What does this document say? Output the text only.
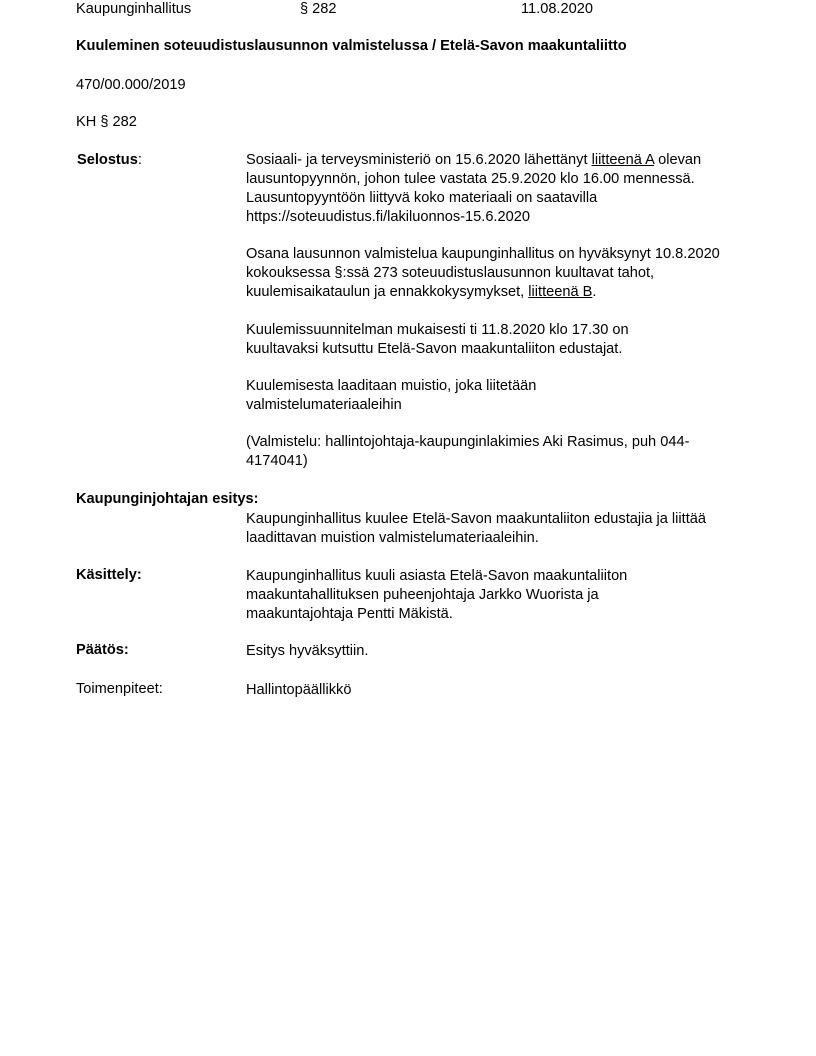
Kaupunginhallitus	§ 282	11.08.2020
Kuuleminen soteuudistuslausunnon valmistelussa / Etelä-Savon maakuntaliitto
470/00.000/2019
KH § 282
Selostus:	Sosiaali- ja terveysministeriö on 15.6.2020 lähettänyt liitteenä A olevan lausuntopyynnön, johon tulee vastata 25.9.2020 klo 16.00 mennessä. Lausuntopyyntöön liittyvä koko materiaali on saatavilla https://soteuudistus.fi/lakiluonnos-15.6.2020

Osana lausunnon valmistelua kaupunginhallitus on hyväksynyt 10.8.2020 kokouksessa §:ssä 273 soteuudistuslausunnon kuultavat tahot, kuulemisaikataulun ja ennakkokysymykset, liitteenä B.

Kuulemissuunnitelman mukaisesti ti 11.8.2020 klo 17.30 on kuultavaksi kutsuttu Etelä-Savon maakuntaliiton edustajat.

Kuulemisesta laaditaan muistio, joka liitetään valmistelumateriaaleihin

(Valmistelu: hallintojohtaja-kaupunginlakimies Aki Rasimus, puh 044-4174041)

Kaupunginjohtajan esitys:

Kaupunginhallitus kuulee Etelä-Savon maakuntaliiton edustajia ja liittää laadittavan muistion valmistelumateriaaleihin.

Käsittely:	Kaupunginhallitus kuuli asiasta Etelä-Savon maakuntaliiton maakuntahallituksen puheenjohtaja Jarkko Wuorista ja maakuntajohtaja Pentti Mäkistä.

Päätös:	Esitys hyväksyttiin.

Toimenpiteet:	Hallintopäällikkö
